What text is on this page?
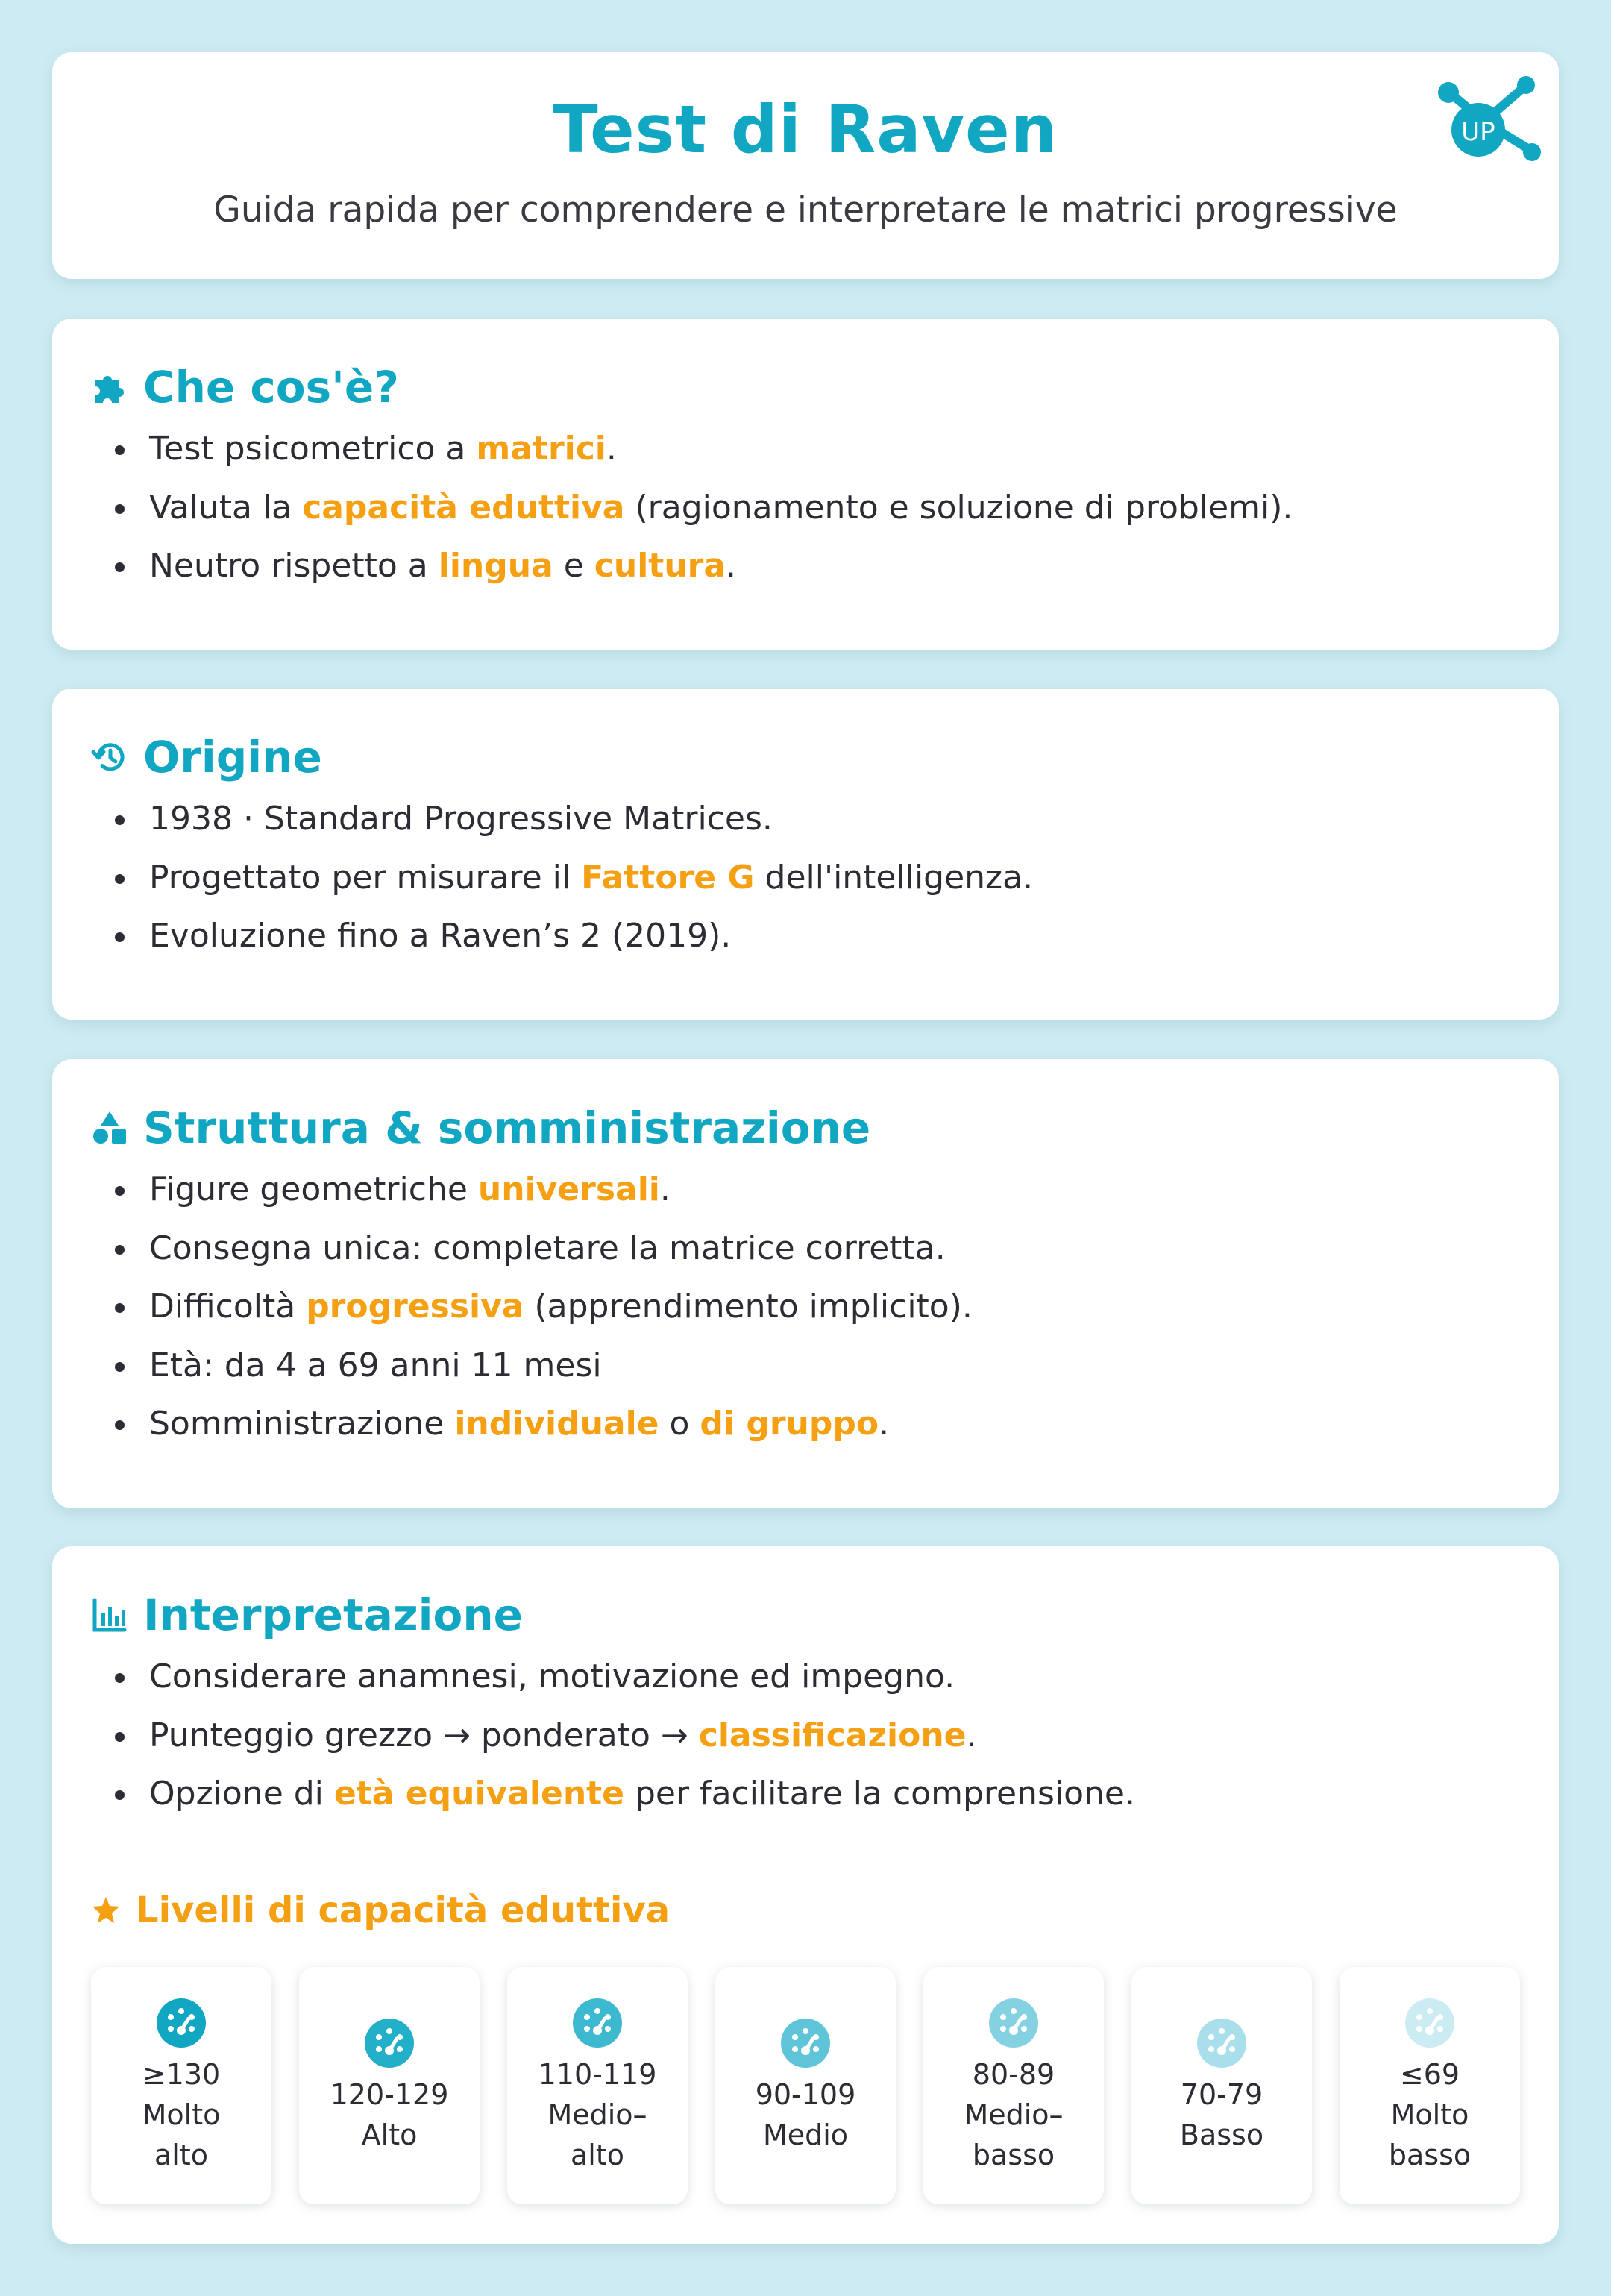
Test di Raven
Guida rapida per comprendere e interpretare le matrici progressive
UP
Che cos'è?
Test psicometrico a matrici.
Valuta la capacità eduttiva (ragionamento e soluzione di problemi).
Neutro rispetto a lingua e cultura.
Origine
1938 · Standard Progressive Matrices.
Progettato per misurare il Fattore G dell'intelligenza.
Evoluzione fino a Raven’s 2 (2019).
Struttura & somministrazione
Figure geometriche universali.
Consegna unica: completare la matrice corretta.
Difficoltà progressiva (apprendimento implicito).
Età: da 4 a 69 anni 11 mesi
Somministrazione individuale o di gruppo.
Interpretazione
Considerare anamnesi, motivazione ed impegno.
Punteggio grezzo → ponderato → classificazione.
Opzione di età equivalente per facilitare la comprensione.
Livelli di capacità eduttiva
≥130
Molto
alto
120-129
Alto
110-119
Medio–
alto
90-109
Medio
80-89
Medio–
basso
70-79
Basso
≤69
Molto
basso
